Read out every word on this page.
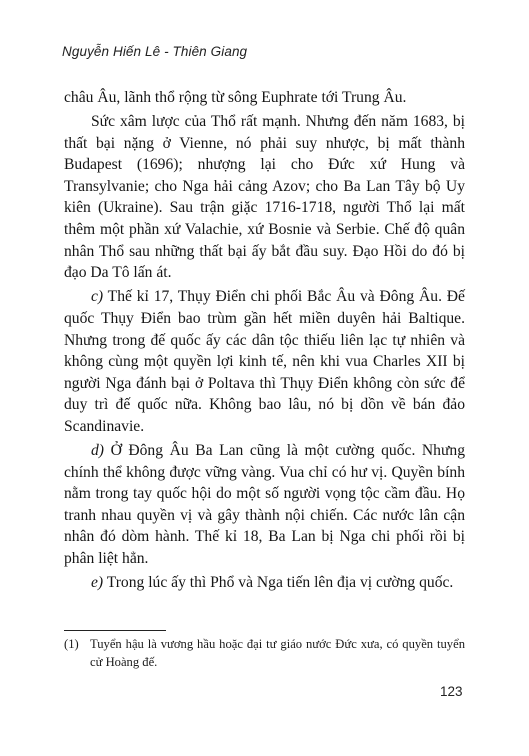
Nguyễn Hiến Lê - Thiên Giang

châu Âu, lãnh thổ rộng từ sông Euphrate tới Trung Âu.

Sức xâm lược của Thổ rất mạnh. Nhưng đến năm 1683, bị thất bại nặng ở Vienne, nó phải suy nhược, bị mất thành Budapest (1696); nhượng lại cho Đức xứ Hung và Transylvanie; cho Nga hải cảng Azov; cho Ba Lan Tây bộ Uy kiên (Ukraine). Sau trận giặc 1716-1718, người Thổ lại mất thêm một phần xứ Valachie, xứ Bosnie và Serbie. Chế độ quân nhân Thổ sau những thất bại ấy bắt đầu suy. Đạo Hồi do đó bị đạo Da Tô lấn át.

c) Thế kỉ 17, Thụy Điển chi phối Bắc Âu và Đông Âu. Đế quốc Thụy Điển bao trùm gần hết miền duyên hải Baltique. Nhưng trong đế quốc ấy các dân tộc thiếu liên lạc tự nhiên và không cùng một quyền lợi kinh tế, nên khi vua Charles XII bị người Nga đánh bại ở Poltava thì Thụy Điển không còn sức để duy trì đế quốc nữa. Không bao lâu, nó bị dồn về bán đảo Scandinavie.

d) Ở Đông Âu Ba Lan cũng là một cường quốc. Nhưng chính thể không được vững vàng. Vua chỉ có hư vị. Quyền bính nằm trong tay quốc hội do một số người vọng tộc cầm đầu. Họ tranh nhau quyền vị và gây thành nội chiến. Các nước lân cận nhân đó dòm hành. Thế kỉ 18, Ba Lan bị Nga chi phối rồi bị phân liệt hẳn.

e) Trong lúc ấy thì Phổ và Nga tiến lên địa vị cường quốc.

(1) Tuyển hậu là vương hầu hoặc đại tư giáo nước Đức xưa, có quyền tuyển cử Hoàng đế.
123
